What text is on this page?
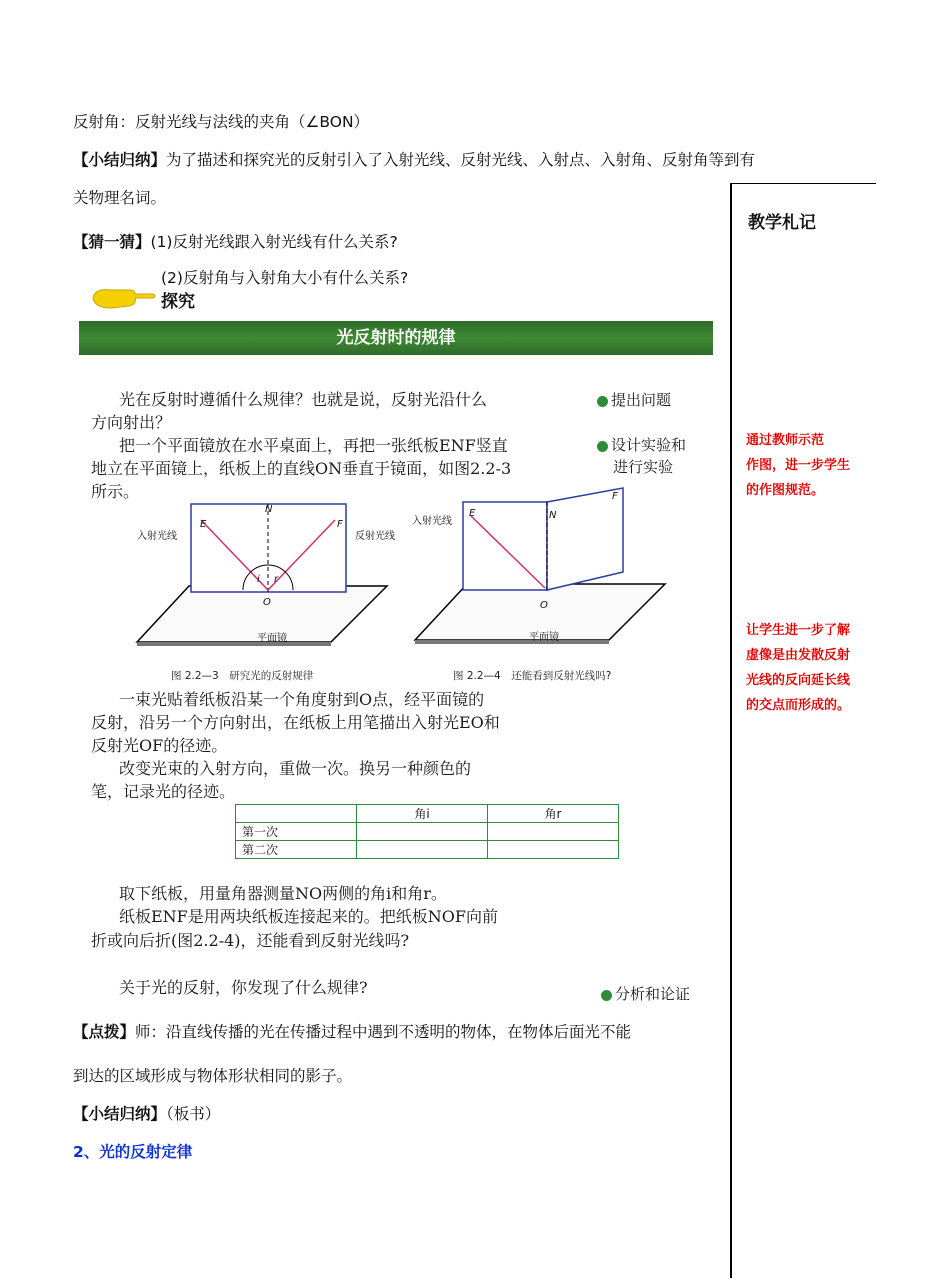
反射角：反射光线与法线的夹角（∠BON）
【小结归纳】为了描述和探究光的反射引入了入射光线、反射光线、入射点、入射角、反射角等到有
关物理名词。
【猜一猜】(1)反射光线跟入射光线有什么关系?
(2)反射角与入射角大小有什么关系?
教学札记
通过教师示范
作图，进一步学生
的作图规范。
让学生进一步了解
虚像是由发散反射
光线的反向延长线
的交点而形成的。
探究
光反射时的规律
光在反射时遵循什么规律？也就是说，反射光沿什么
方向射出？
把一个平面镜放在水平桌面上，再把一张纸板ENF竖直
地立在平面镜上，纸板上的直线ON垂直于镜面，如图2.2-3
所示。
提出问题
设计实验和
进行实验
E
N
F
O
i r
入射光线	反射光线
平面镜
图 2.2—3　研究光的反射规律
E	N
F
O
入射光线
平面镜
图 2.2—4　还能看到反射光线吗?
一束光贴着纸板沿某一个角度射到O点，经平面镜的
反射，沿另一个方向射出，在纸板上用笔描出入射光EO和
反射光OF的径迹。
改变光束的入射方向，重做一次。换另一种颜色的
笔，记录光的径迹。
	角i	角r
第一次		
第二次		
取下纸板，用量角器测量NO两侧的角i和角r。
纸板ENF是用两块纸板连接起来的。把纸板NOF向前
折或向后折(图2.2-4)，还能看到反射光线吗?
关于光的反射，你发现了什么规律?	分析和论证
【点拨】师：沿直线传播的光在传播过程中遇到不透明的物体，在物体后面光不能
到达的区域形成与物体形状相同的影子。
【小结归纳】（板书）
2、光的反射定律
